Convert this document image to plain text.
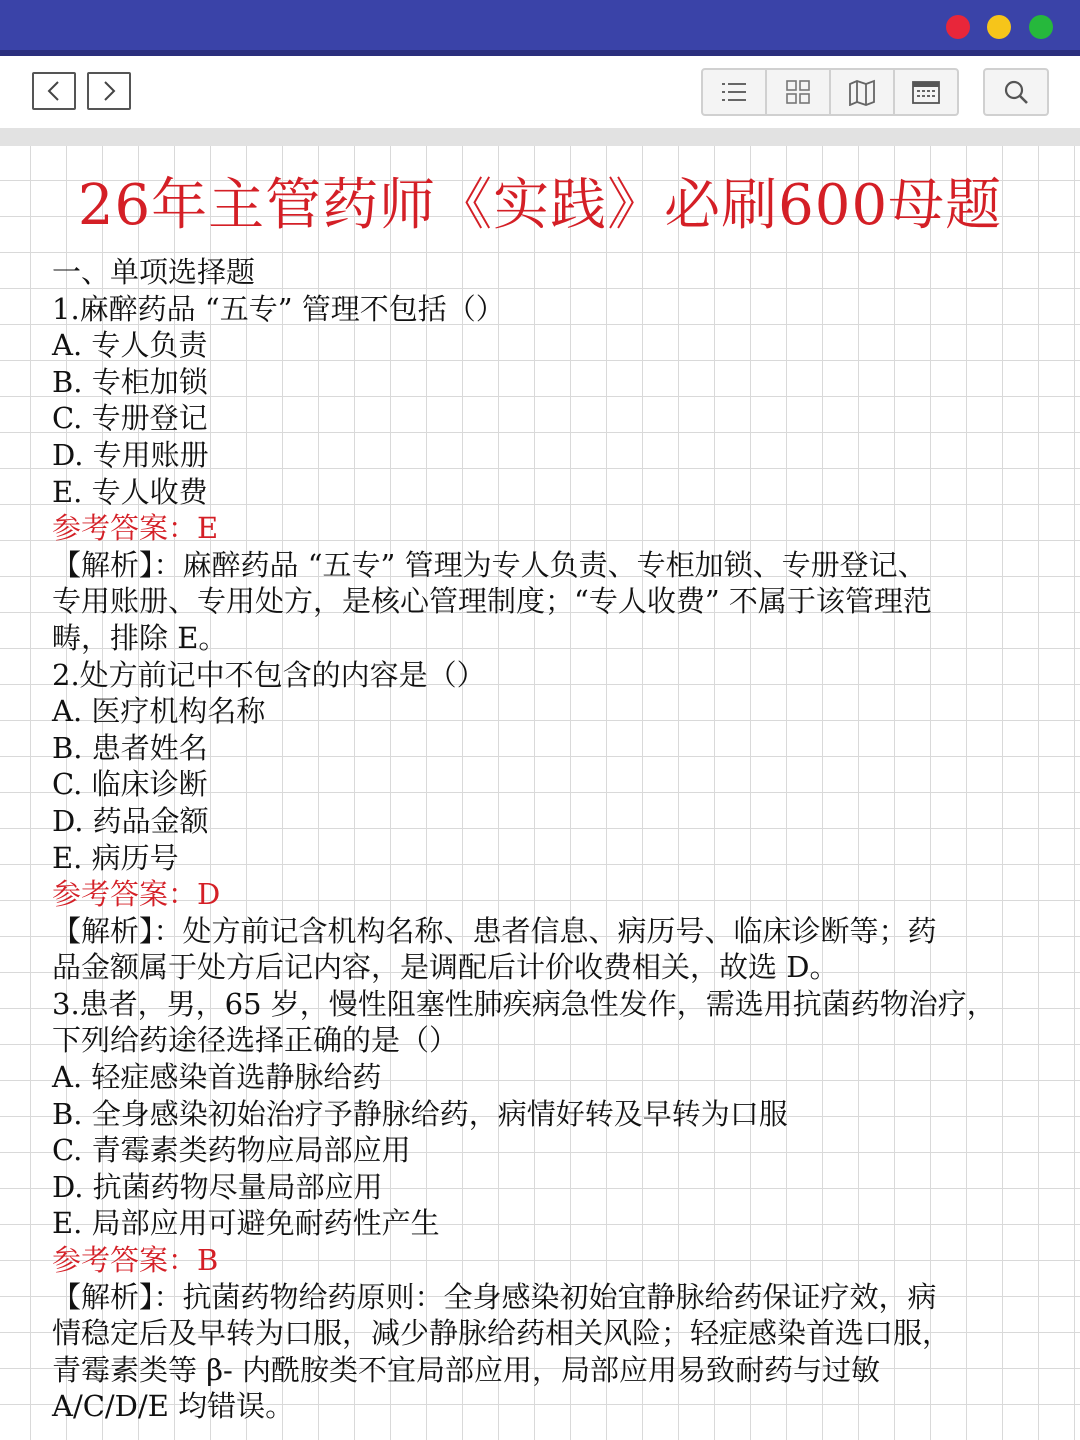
26年主管药师《实践》必刷600母题
一、单项选择题
1.麻醉药品 “五专” 管理不包括（）
A. 专人负责
B. 专柜加锁
C. 专册登记
D. 专用账册
E. 专人收费
参考答案：E
【解析】：麻醉药品 “五专” 管理为专人负责、专柜加锁、专册登记、
专用账册、专用处方，是核心管理制度；“专人收费” 不属于该管理范
畴，排除 E。
2.处方前记中不包含的内容是（）
A. 医疗机构名称
B. 患者姓名
C. 临床诊断
D. 药品金额
E. 病历号
参考答案：D
【解析】：处方前记含机构名称、患者信息、病历号、临床诊断等；药
品金额属于处方后记内容，是调配后计价收费相关，故选 D。
3.患者，男，65 岁，慢性阻塞性肺疾病急性发作，需选用抗菌药物治疗，
下列给药途径选择正确的是（）
A. 轻症感染首选静脉给药
B. 全身感染初始治疗予静脉给药，病情好转及早转为口服
C. 青霉素类药物应局部应用
D. 抗菌药物尽量局部应用
E. 局部应用可避免耐药性产生
参考答案：B
【解析】：抗菌药物给药原则：全身感染初始宜静脉给药保证疗效，病
情稳定后及早转为口服，减少静脉给药相关风险；轻症感染首选口服，
青霉素类等 β- 内酰胺类不宜局部应用，局部应用易致耐药与过敏
A/C/D/E 均错误。
